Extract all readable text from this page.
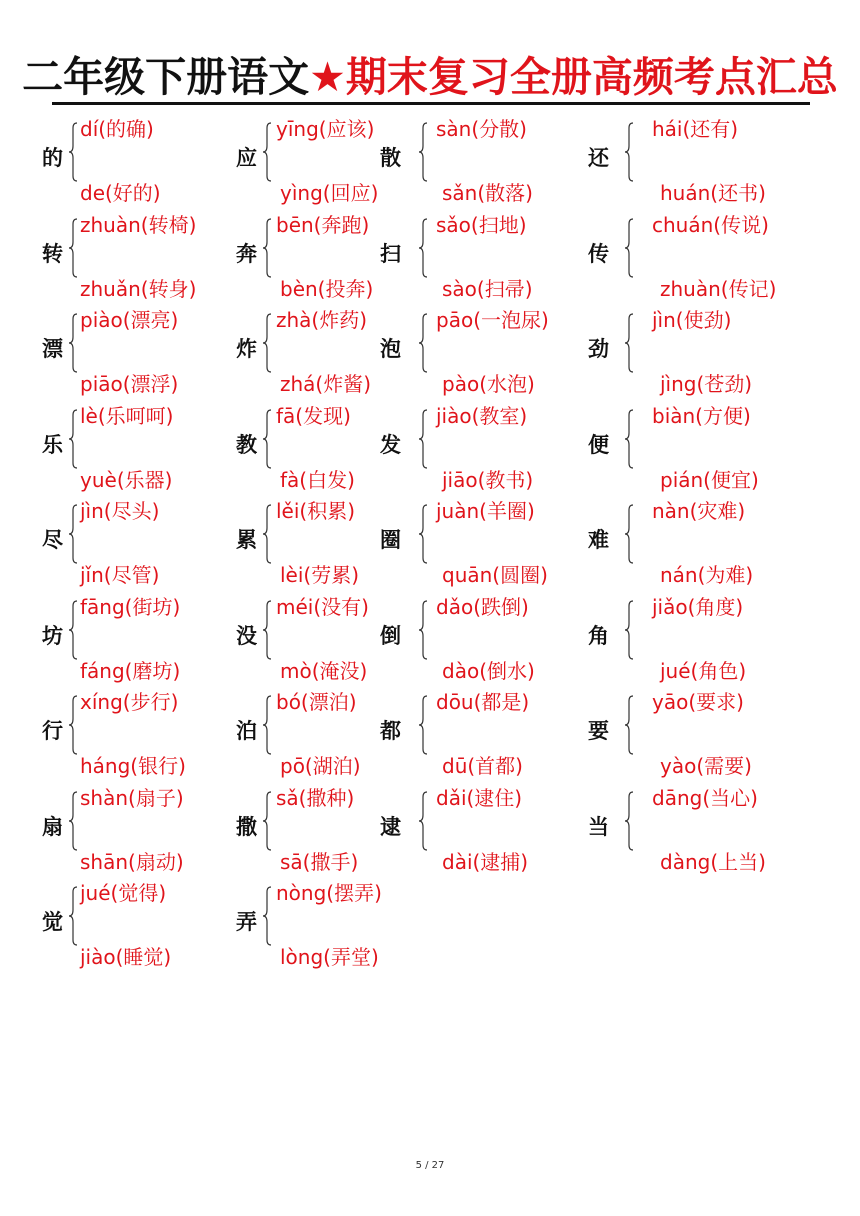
二年级下册语文★期末复习全册高频考点汇总
的
dí(的确)
de(好的)
转
zhuàn(转椅)
zhuǎn(转身)
漂
piào(漂亮)
piāo(漂浮)
乐
lè(乐呵呵)
yuè(乐器)
尽
jìn(尽头)
jǐn(尽管)
坊
fāng(街坊)
fáng(磨坊)
行
xíng(步行)
háng(银行)
扇
shàn(扇子)
shān(扇动)
觉
jué(觉得)
jiào(睡觉)
应
yīng(应该)
yìng(回应)
奔
bēn(奔跑)
bèn(投奔)
炸
zhà(炸药)
zhá(炸酱)
教
fā(发现)
fà(白发)
累
lěi(积累)
lèi(劳累)
没
méi(没有)
mò(淹没)
泊
bó(漂泊)
pō(湖泊)
撒
sǎ(撒种)
sā(撒手)
弄
nòng(摆弄)
lòng(弄堂)
散
sàn(分散)
sǎn(散落)
扫
sǎo(扫地)
sào(扫帚)
泡
pāo(一泡尿)
pào(水泡)
发
jiào(教室)
jiāo(教书)
圈
juàn(羊圈)
quān(圆圈)
倒
dǎo(跌倒)
dào(倒水)
都
dōu(都是)
dū(首都)
逮
dǎi(逮住)
dài(逮捕)
还
hái(还有)
huán(还书)
传
chuán(传说)
zhuàn(传记)
劲
jìn(使劲)
jìng(苍劲)
便
biàn(方便)
pián(便宜)
难
nàn(灾难)
nán(为难)
角
jiǎo(角度)
jué(角色)
要
yāo(要求)
yào(需要)
当
dāng(当心)
dàng(上当)
5 / 27
